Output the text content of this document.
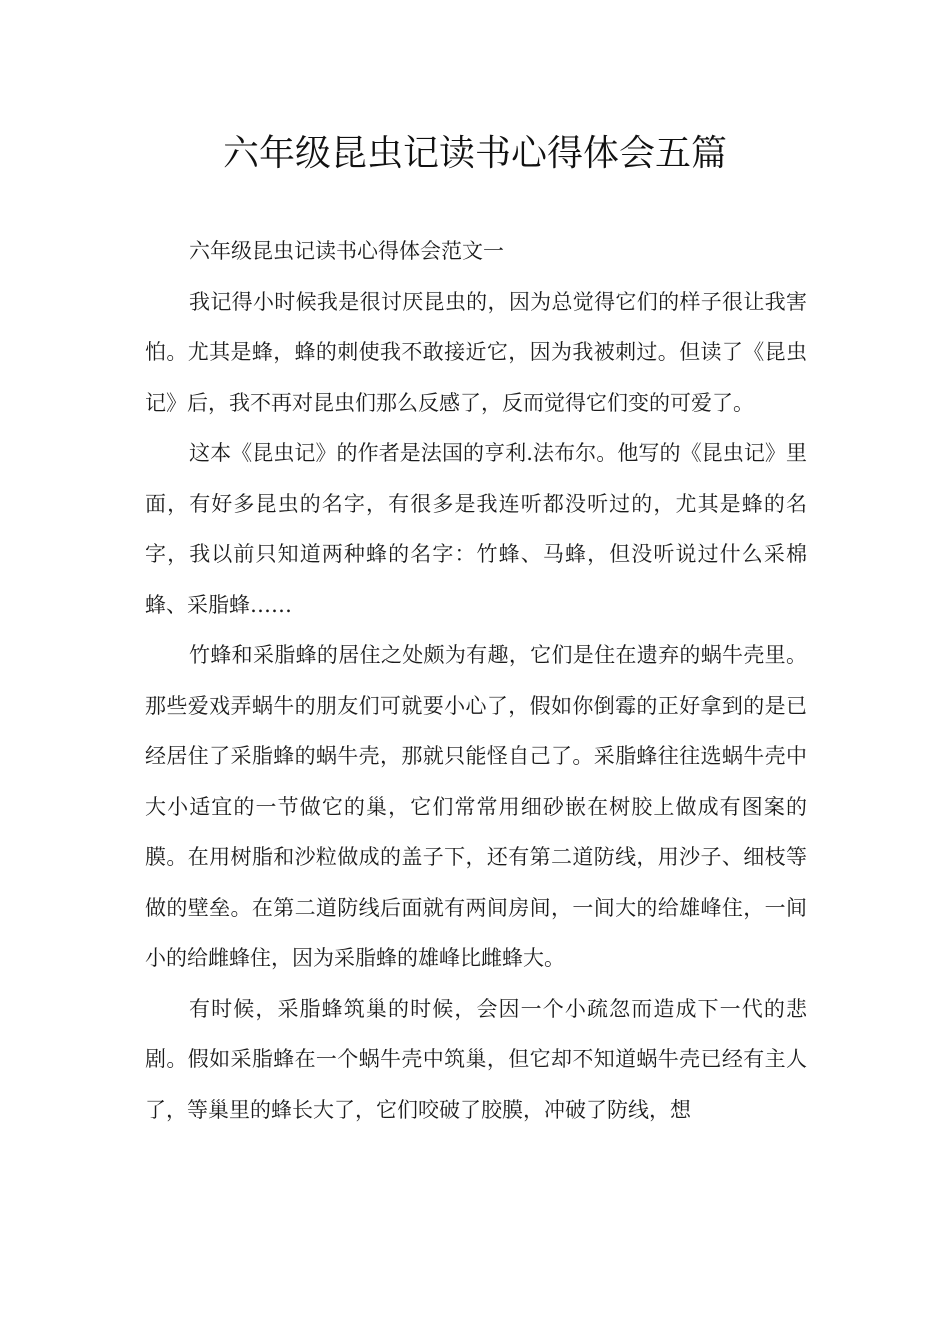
六年级昆虫记读书心得体会五篇

六年级昆虫记读书心得体会范文一

我记得小时候我是很讨厌昆虫的，因为总觉得它们的样子很让我害怕。尤其是蜂，蜂的刺使我不敢接近它，因为我被刺过。但读了《昆虫记》后，我不再对昆虫们那么反感了，反而觉得它们变的可爱了。

这本《昆虫记》的作者是法国的亨利.法布尔。他写的《昆虫记》里面，有好多昆虫的名字，有很多是我连听都没听过的，尤其是蜂的名字，我以前只知道两种蜂的名字：竹蜂、马蜂，但没听说过什么采棉蜂、采脂蜂……

竹蜂和采脂蜂的居住之处颇为有趣，它们是住在遗弃的蜗牛壳里。那些爱戏弄蜗牛的朋友们可就要小心了，假如你倒霉的正好拿到的是已经居住了采脂蜂的蜗牛壳，那就只能怪自己了。采脂蜂往往选蜗牛壳中大小适宜的一节做它的巢，它们常常用细砂嵌在树胶上做成有图案的膜。在用树脂和沙粒做成的盖子下，还有第二道防线，用沙子、细枝等做的壁垒。在第二道防线后面就有两间房间，一间大的给雄峰住，一间小的给雌蜂住，因为采脂蜂的雄峰比雌蜂大。

有时候，采脂蜂筑巢的时候，会因一个小疏忽而造成下一代的悲剧。假如采脂蜂在一个蜗牛壳中筑巢，但它却不知道蜗牛壳已经有主人了，等巢里的蜂长大了，它们咬破了胶膜，冲破了防线，想
